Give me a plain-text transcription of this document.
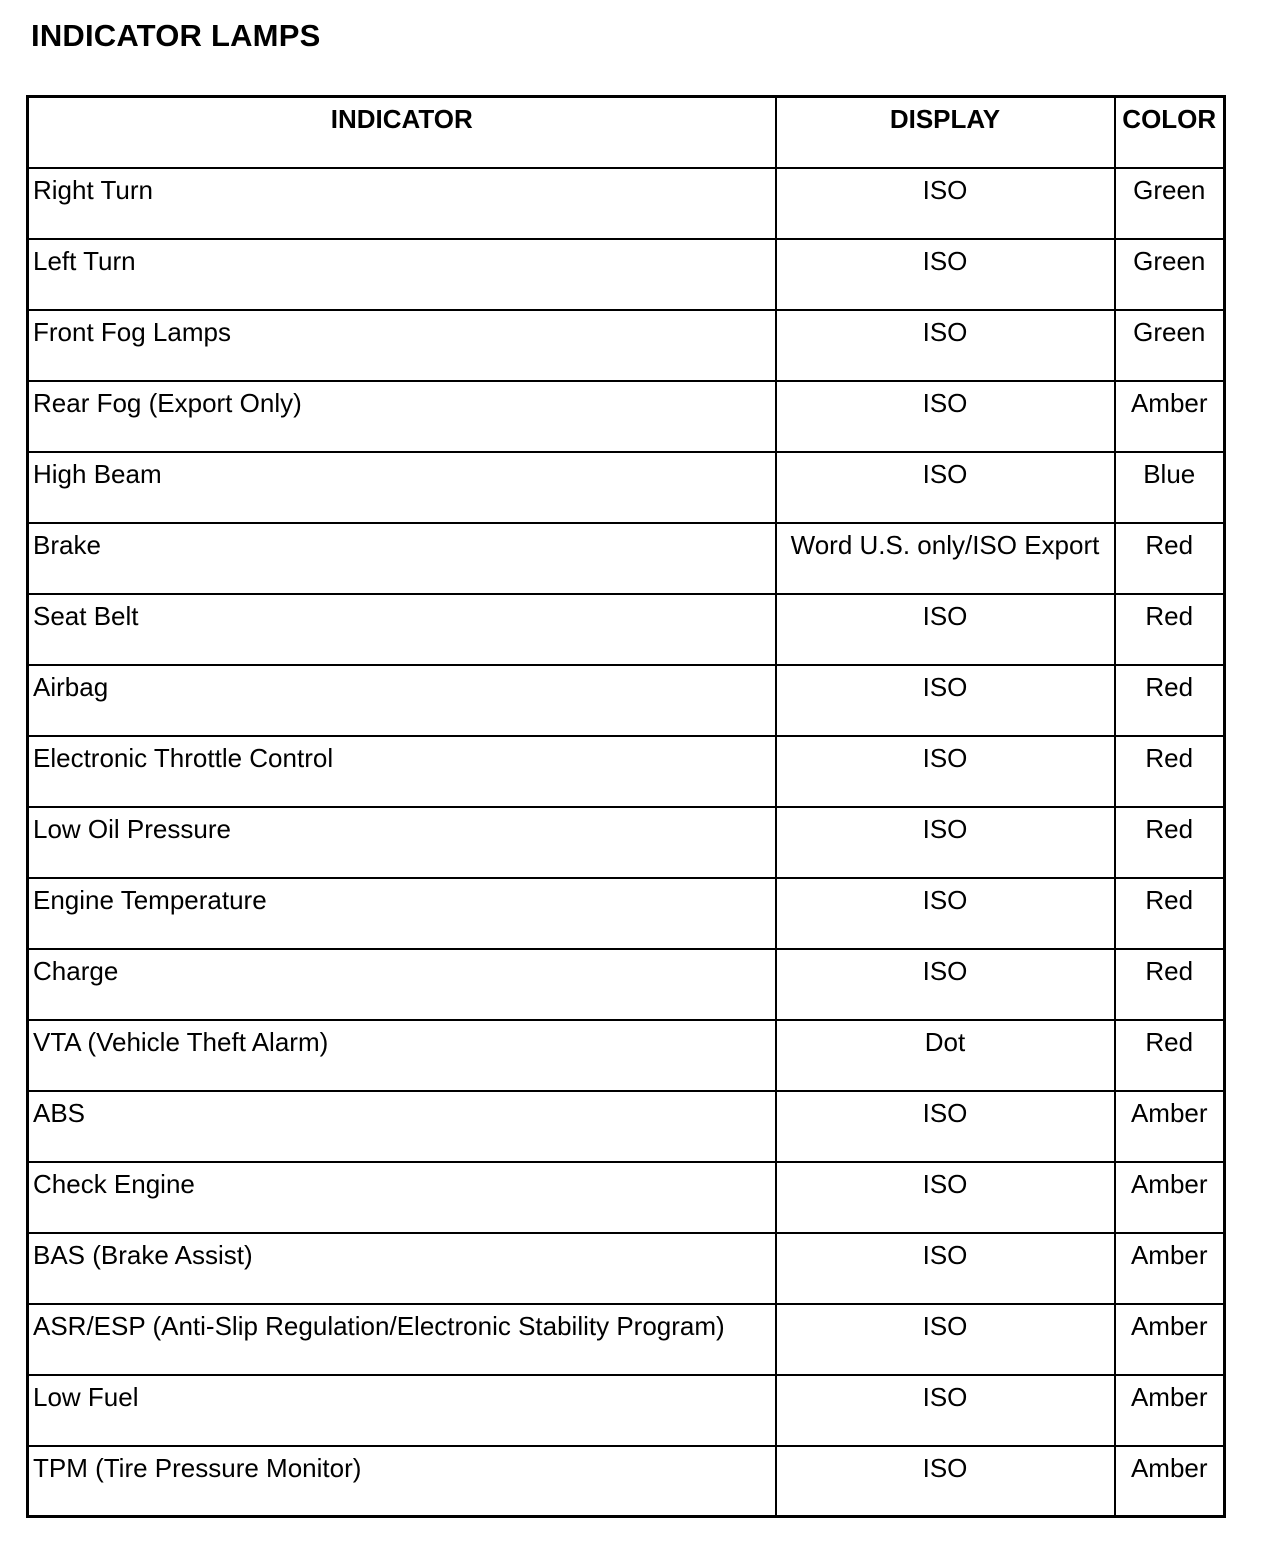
INDICATOR LAMPS
INDICATOR	DISPLAY	COLOR
Right Turn	ISO	Green
Left Turn	ISO	Green
Front Fog Lamps	ISO	Green
Rear Fog (Export Only)	ISO	Amber
High Beam	ISO	Blue
Brake	Word U.S. only/ISO Export	Red
Seat Belt	ISO	Red
Airbag	ISO	Red
Electronic Throttle Control	ISO	Red
Low Oil Pressure	ISO	Red
Engine Temperature	ISO	Red
Charge	ISO	Red
VTA (Vehicle Theft Alarm)	Dot	Red
ABS	ISO	Amber
Check Engine	ISO	Amber
BAS (Brake Assist)	ISO	Amber
ASR/ESP (Anti-Slip Regulation/Electronic Stability Program)	ISO	Amber
Low Fuel	ISO	Amber
TPM (Tire Pressure Monitor)	ISO	Amber
